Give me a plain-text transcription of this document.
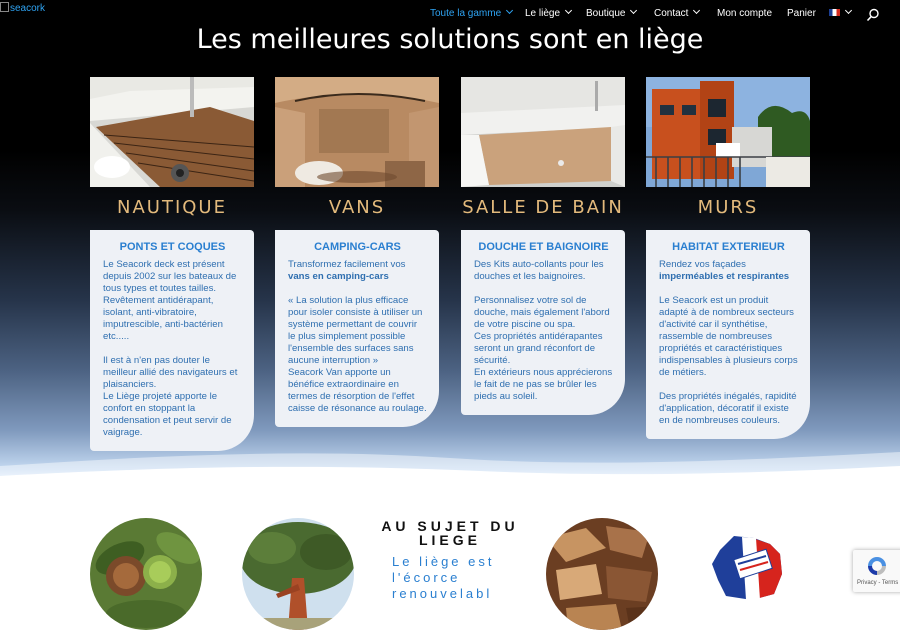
seacork	Toute la gamme	Le liège	Boutique	Contact	Mon compte Panier
Les meilleures solutions sont en liège
NAUTIQUE
PONTS ET COQUES

Le Seacork deck est présent depuis 2002 sur les bateaux de tous types et toutes tailles. Revêtement antidérapant, isolant, anti-vibratoire, imputrescible, anti-bactérien etc.....

Il est à n'en pas douter le meilleur allié des navigateurs et plaisanciers.
Le Liège projeté apporte le confort en stoppant la condensation et peut servir de vaigrage.

VANS
CAMPING-CARS

Transformez facilement vos vans en camping-cars

« La solution la plus efficace pour isoler consiste à utiliser un système permettant de couvrir le plus simplement possible l'ensemble des surfaces sans aucune interruption »
Seacork Van apporte un bénéfice extraordinaire en termes de résorption de l'effet caisse de résonance au roulage.

SALLE DE BAIN
DOUCHE ET BAIGNOIRE

Des Kits auto-collants pour les douches et les baignoires.

Personnalisez votre sol de douche, mais également l'abord de votre piscine ou spa.
Ces propriétés antidérapantes seront un grand réconfort de sécurité.
En extérieurs nous apprécierons le fait de ne pas se brûler les pieds au soleil.

MURS
HABITAT EXTERIEUR

Rendez vos façades imperméables et respirantes

Le Seacork est un produit adapté à de nombreux secteurs d'activité car il synthétise, rassemble de nombreuses propriétés et caractéristiques indispensables à plusieurs corps de métiers.

Des propriétés inégalés, rapidité d'application, décoratif il existe en de nombreuses couleurs.

AU SUJET DU LIEGE

Le liège est
l'écorce
renouvelabl

Privacy - Terms
